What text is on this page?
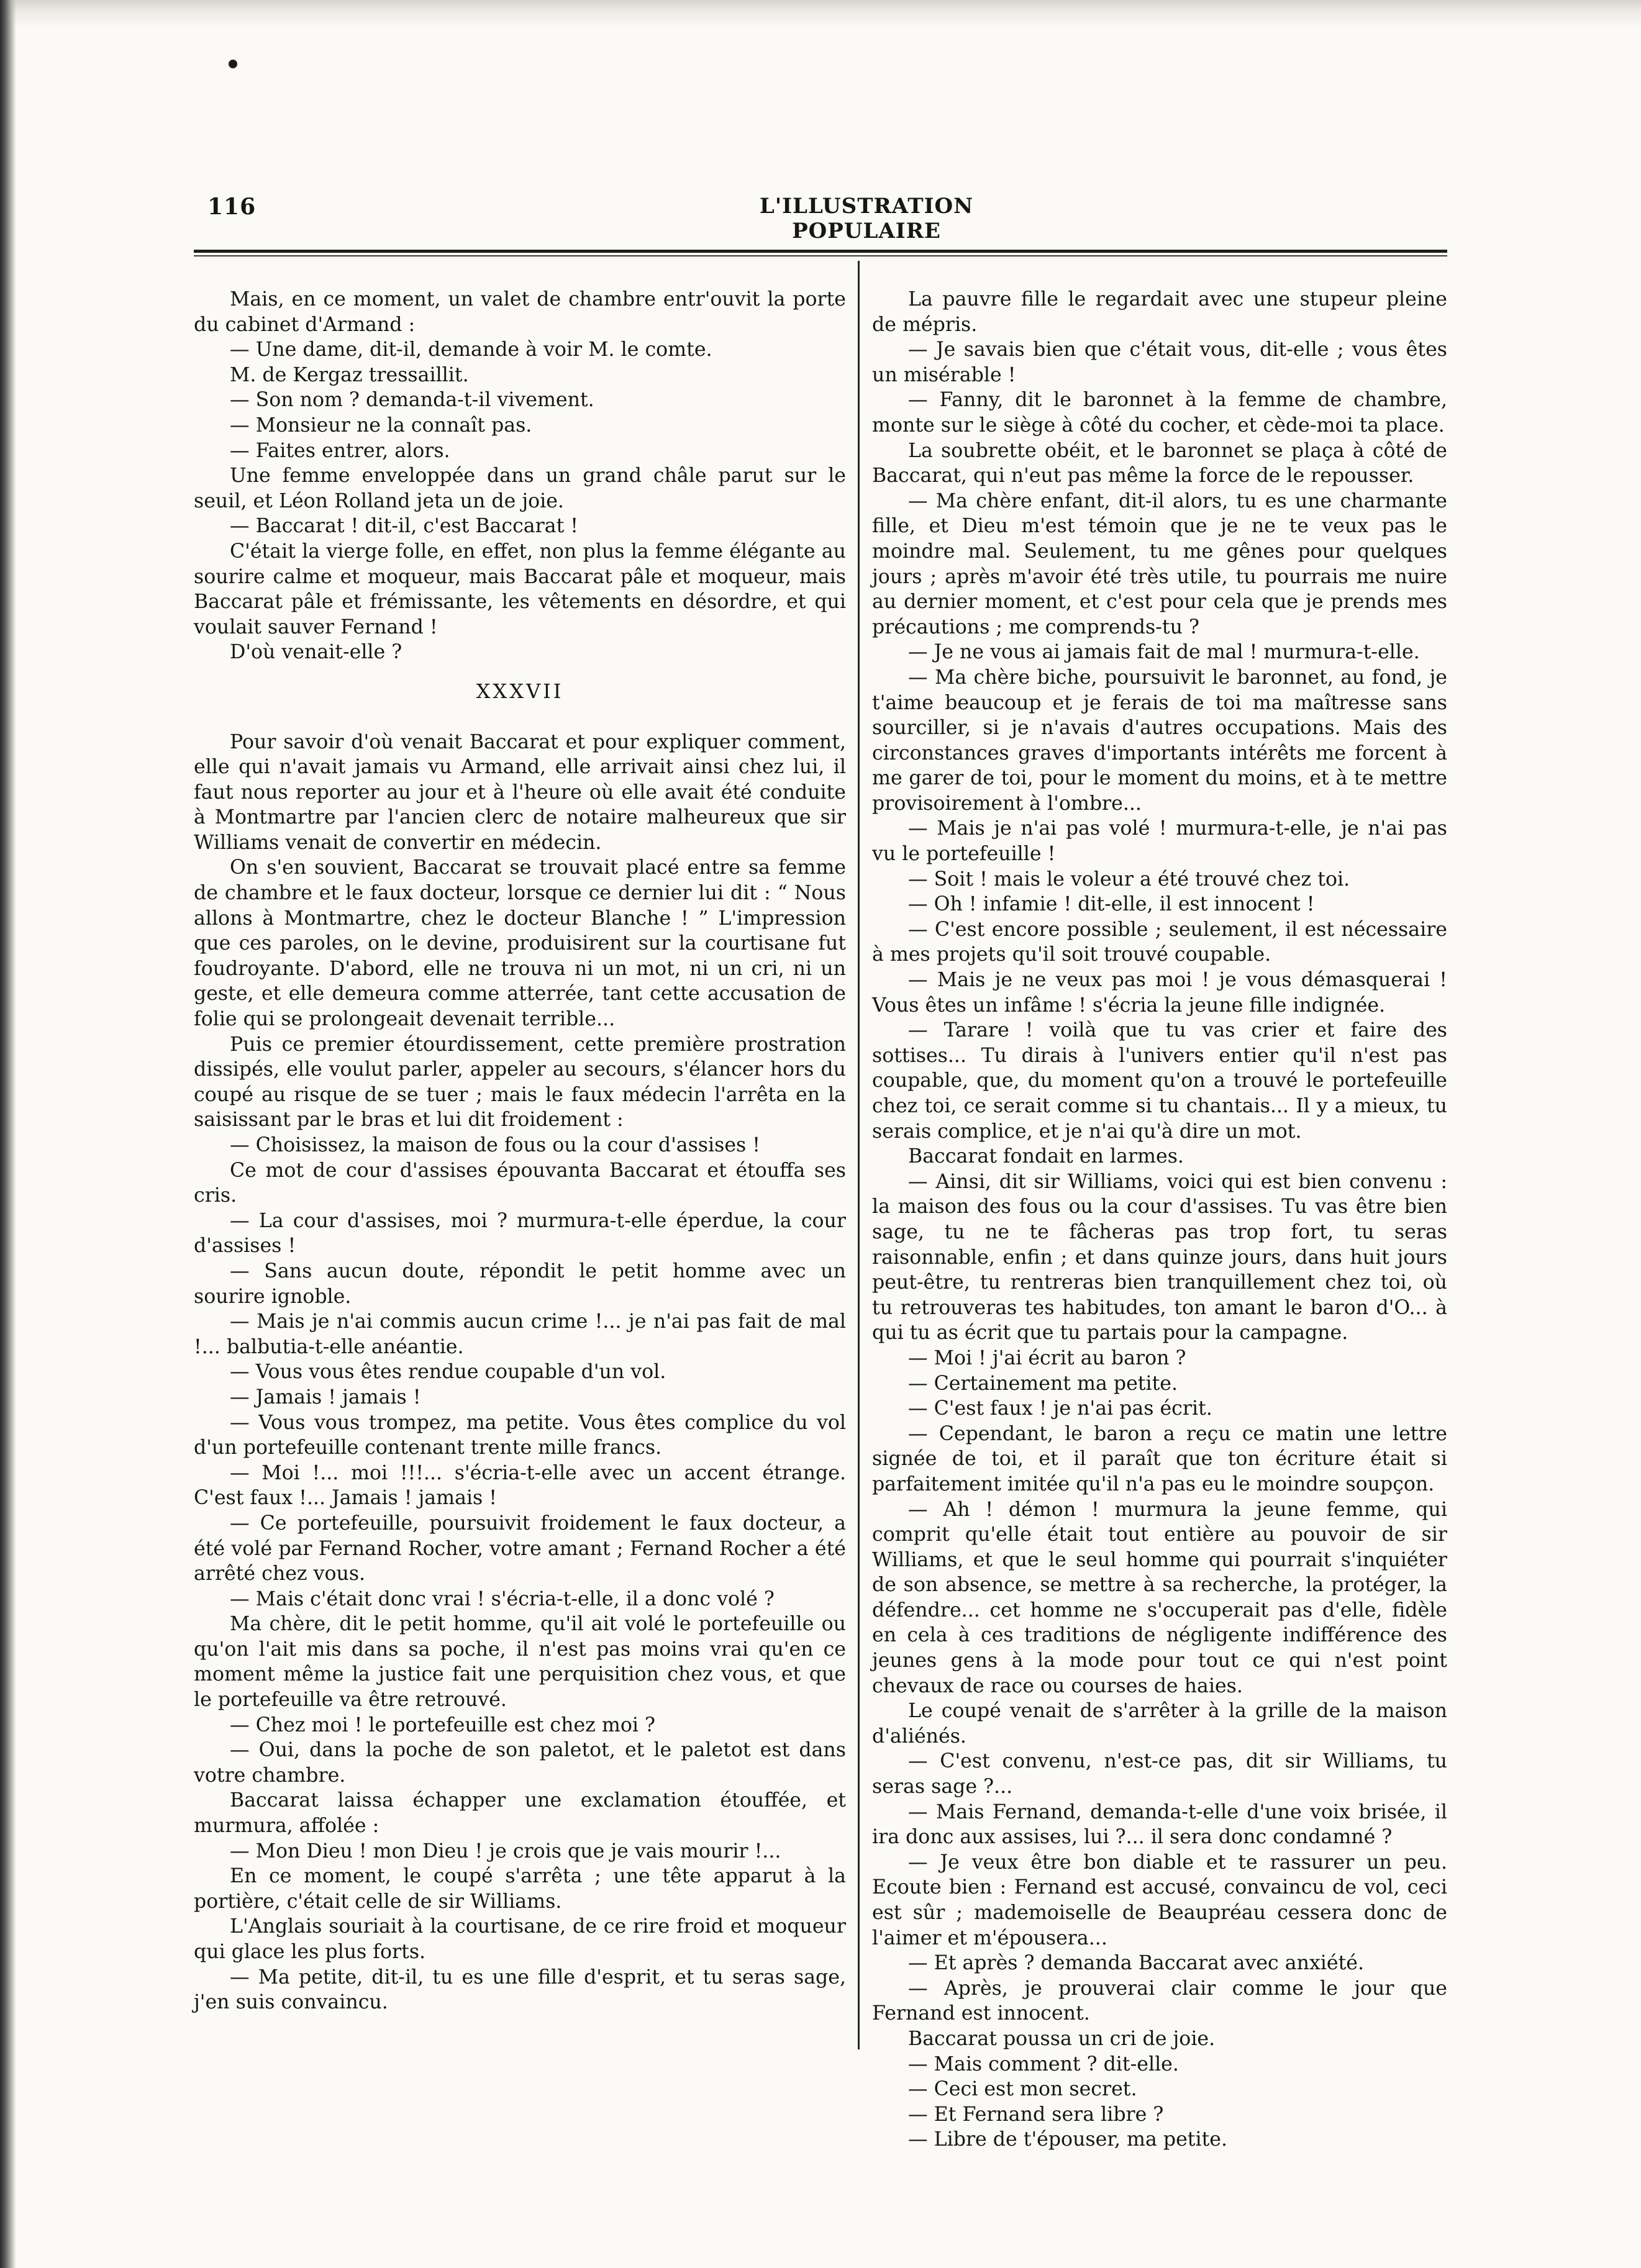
116	L'ILLUSTRATION POPULAIRE

Mais, en ce moment, un valet de chambre entr'ouvit la porte du cabinet d'Armand :

— Une dame, dit-il, demande à voir M. le comte.

M. de Kergaz tressaillit.

— Son nom ? demanda-t-il vivement.

— Monsieur ne la connaît pas.

— Faites entrer, alors.

Une femme enveloppée dans un grand châle parut sur le seuil, et Léon Rolland jeta un de joie.

— Baccarat ! dit-il, c'est Baccarat !

C'était la vierge folle, en effet, non plus la femme élégante au sourire calme et moqueur, mais Baccarat pâle et moqueur, mais Baccarat pâle et frémissante, les vêtements en désordre, et qui voulait sauver Fernand !

D'où venait-elle ?

XXXVII

Pour savoir d'où venait Baccarat et pour expliquer comment, elle qui n'avait jamais vu Armand, elle arrivait ainsi chez lui, il faut nous reporter au jour et à l'heure où elle avait été conduite à Montmartre par l'ancien clerc de notaire malheureux que sir Williams venait de convertir en médecin.

On s'en souvient, Baccarat se trouvait placé entre sa femme de chambre et le faux docteur, lorsque ce dernier lui dit : “ Nous allons à Montmartre, chez le docteur Blanche ! ” L'impression que ces paroles, on le devine, produisirent sur la courtisane fut foudroyante. D'abord, elle ne trouva ni un mot, ni un cri, ni un geste, et elle demeura comme atterrée, tant cette accusation de folie qui se prolongeait devenait terrible...

Puis ce premier étourdissement, cette première prostration dissipés, elle voulut parler, appeler au secours, s'élancer hors du coupé au risque de se tuer ; mais le faux médecin l'arrêta en la saisissant par le bras et lui dit froidement :

— Choisissez, la maison de fous ou la cour d'assises !

Ce mot de cour d'assises épouvanta Baccarat et étouffa ses cris.

— La cour d'assises, moi ? murmura-t-elle éperdue, la cour d'assises !

— Sans aucun doute, répondit le petit homme avec un sourire ignoble.

— Mais je n'ai commis aucun crime !... je n'ai pas fait de mal !... balbutia-t-elle anéantie.

— Vous vous êtes rendue coupable d'un vol.

— Jamais ! jamais !

— Vous vous trompez, ma petite. Vous êtes complice du vol d'un portefeuille contenant trente mille francs.

— Moi !... moi !!!... s'écria-t-elle avec un accent étrange. C'est faux !... Jamais ! jamais !

— Ce portefeuille, poursuivit froidement le faux docteur, a été volé par Fernand Rocher, votre amant ; Fernand Rocher a été arrêté chez vous.

— Mais c'était donc vrai ! s'écria-t-elle, il a donc volé ?

Ma chère, dit le petit homme, qu'il ait volé le portefeuille ou qu'on l'ait mis dans sa poche, il n'est pas moins vrai qu'en ce moment même la justice fait une perquisition chez vous, et que le portefeuille va être retrouvé.

— Chez moi ! le portefeuille est chez moi ?

— Oui, dans la poche de son paletot, et le paletot est dans votre chambre.

Baccarat laissa échapper une exclamation étouffée, et murmura, affolée :

— Mon Dieu ! mon Dieu ! je crois que je vais mourir !...

En ce moment, le coupé s'arrêta ; une tête apparut à la portière, c'était celle de sir Williams.

L'Anglais souriait à la courtisane, de ce rire froid et moqueur qui glace les plus forts.

— Ma petite, dit-il, tu es une fille d'esprit, et tu seras sage, j'en suis convaincu.

La pauvre fille le regardait avec une stupeur pleine de mépris.

— Je savais bien que c'était vous, dit-elle ; vous êtes un misérable !

— Fanny, dit le baronnet à la femme de chambre, monte sur le siège à côté du cocher, et cède-moi ta place.

La soubrette obéit, et le baronnet se plaça à côté de Baccarat, qui n'eut pas même la force de le repousser.

— Ma chère enfant, dit-il alors, tu es une charmante fille, et Dieu m'est témoin que je ne te veux pas le moindre mal. Seulement, tu me gênes pour quelques jours ; après m'avoir été très utile, tu pourrais me nuire au dernier moment, et c'est pour cela que je prends mes précautions ; me comprends-tu ?

— Je ne vous ai jamais fait de mal ! murmura-t-elle.

— Ma chère biche, poursuivit le baronnet, au fond, je t'aime beaucoup et je ferais de toi ma maîtresse sans sourciller, si je n'avais d'autres occupations. Mais des circonstances graves d'importants intérêts me forcent à me garer de toi, pour le moment du moins, et à te mettre provisoirement à l'ombre...

— Mais je n'ai pas volé ! murmura-t-elle, je n'ai pas vu le portefeuille !

— Soit ! mais le voleur a été trouvé chez toi.

— Oh ! infamie ! dit-elle, il est innocent !

— C'est encore possible ; seulement, il est nécessaire à mes projets qu'il soit trouvé coupable.

— Mais je ne veux pas moi ! je vous démasquerai ! Vous êtes un infâme ! s'écria la jeune fille indignée.

— Tarare ! voilà que tu vas crier et faire des sottises... Tu dirais à l'univers entier qu'il n'est pas coupable, que, du moment qu'on a trouvé le portefeuille chez toi, ce serait comme si tu chantais... Il y a mieux, tu serais complice, et je n'ai qu'à dire un mot.

Baccarat fondait en larmes.

— Ainsi, dit sir Williams, voici qui est bien convenu : la maison des fous ou la cour d'assises. Tu vas être bien sage, tu ne te fâcheras pas trop fort, tu seras raisonnable, enfin ; et dans quinze jours, dans huit jours peut-être, tu rentreras bien tranquillement chez toi, où tu retrouveras tes habitudes, ton amant le baron d'O... à qui tu as écrit que tu partais pour la campagne.

— Moi ! j'ai écrit au baron ?

— Certainement ma petite.

— C'est faux ! je n'ai pas écrit.

— Cependant, le baron a reçu ce matin une lettre signée de toi, et il paraît que ton écriture était si parfaitement imitée qu'il n'a pas eu le moindre soupçon.

— Ah ! démon ! murmura la jeune femme, qui comprit qu'elle était tout entière au pouvoir de sir Williams, et que le seul homme qui pourrait s'inquiéter de son absence, se mettre à sa recherche, la protéger, la défendre... cet homme ne s'occuperait pas d'elle, fidèle en cela à ces traditions de négligente indifférence des jeunes gens à la mode pour tout ce qui n'est point chevaux de race ou courses de haies.

Le coupé venait de s'arrêter à la grille de la maison d'aliénés.

— C'est convenu, n'est-ce pas, dit sir Williams, tu seras sage ?...

— Mais Fernand, demanda-t-elle d'une voix brisée, il ira donc aux assises, lui ?... il sera donc condamné ?

— Je veux être bon diable et te rassurer un peu. Ecoute bien : Fernand est accusé, convaincu de vol, ceci est sûr ; mademoiselle de Beaupréau cessera donc de l'aimer et m'épousera...

— Et après ? demanda Baccarat avec anxiété.

— Après, je prouverai clair comme le jour que Fernand est innocent.

Baccarat poussa un cri de joie.

— Mais comment ? dit-elle.

— Ceci est mon secret.

— Et Fernand sera libre ?

— Libre de t'épouser, ma petite.
